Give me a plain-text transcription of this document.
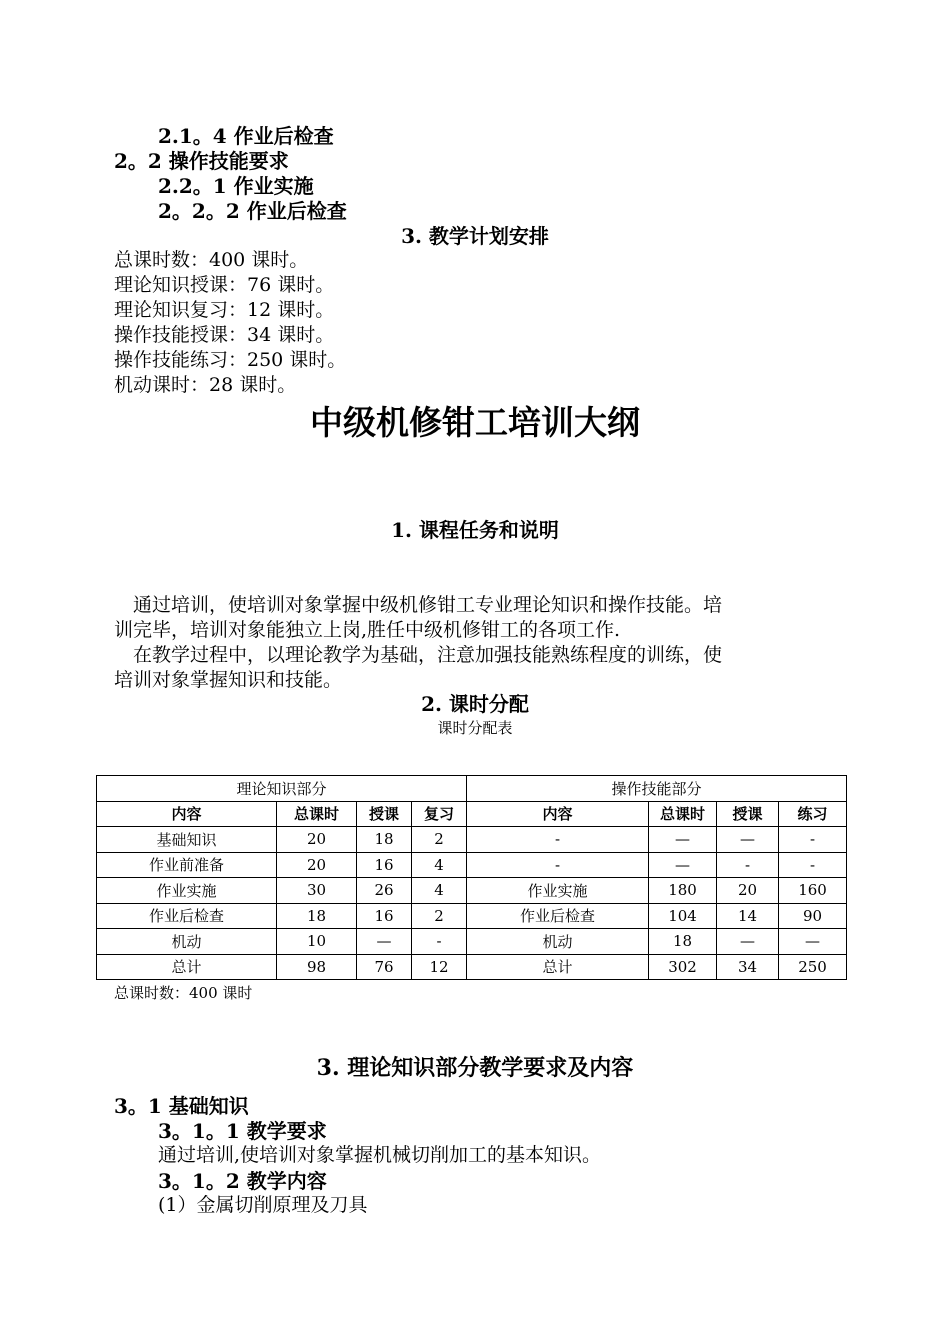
2.1。4 作业后检查
2。2 操作技能要求
2.2。1 作业实施
2。2。2 作业后检查
3. 教学计划安排
总课时数：400 课时。
理论知识授课：76 课时。
理论知识复习：12 课时。
操作技能授课：34 课时。
操作技能练习：250 课时。
机动课时：28 课时。
中级机修钳工培训大纲
1. 课程任务和说明
通过培训，使培训对象掌握中级机修钳工专业理论知识和操作技能。培
训完毕，培训对象能独立上岗,胜任中级机修钳工的各项工作.
在教学过程中，以理论教学为基础，注意加强技能熟练程度的训练，使
培训对象掌握知识和技能。
2. 课时分配
课时分配表
理论知识部分				操作技能部分			
内容	总课时	授课	复习	内容	总课时	授课	练习
基础知识	20	18	2	-	—	—	-
作业前准备	20	16	4	-	—	-	-
作业实施	30	26	4	作业实施	180	20	160
作业后检查	18	16	2	作业后检查	104	14	90
机动	10	—	-	机动	18	—	—
总计	98	76	12	总计	302	34	250
总课时数：400 课时
3. 理论知识部分教学要求及内容
3。1 基础知识
3。1。1 教学要求
通过培训,使培训对象掌握机械切削加工的基本知识。
3。1。2 教学内容
(1）金属切削原理及刀具
